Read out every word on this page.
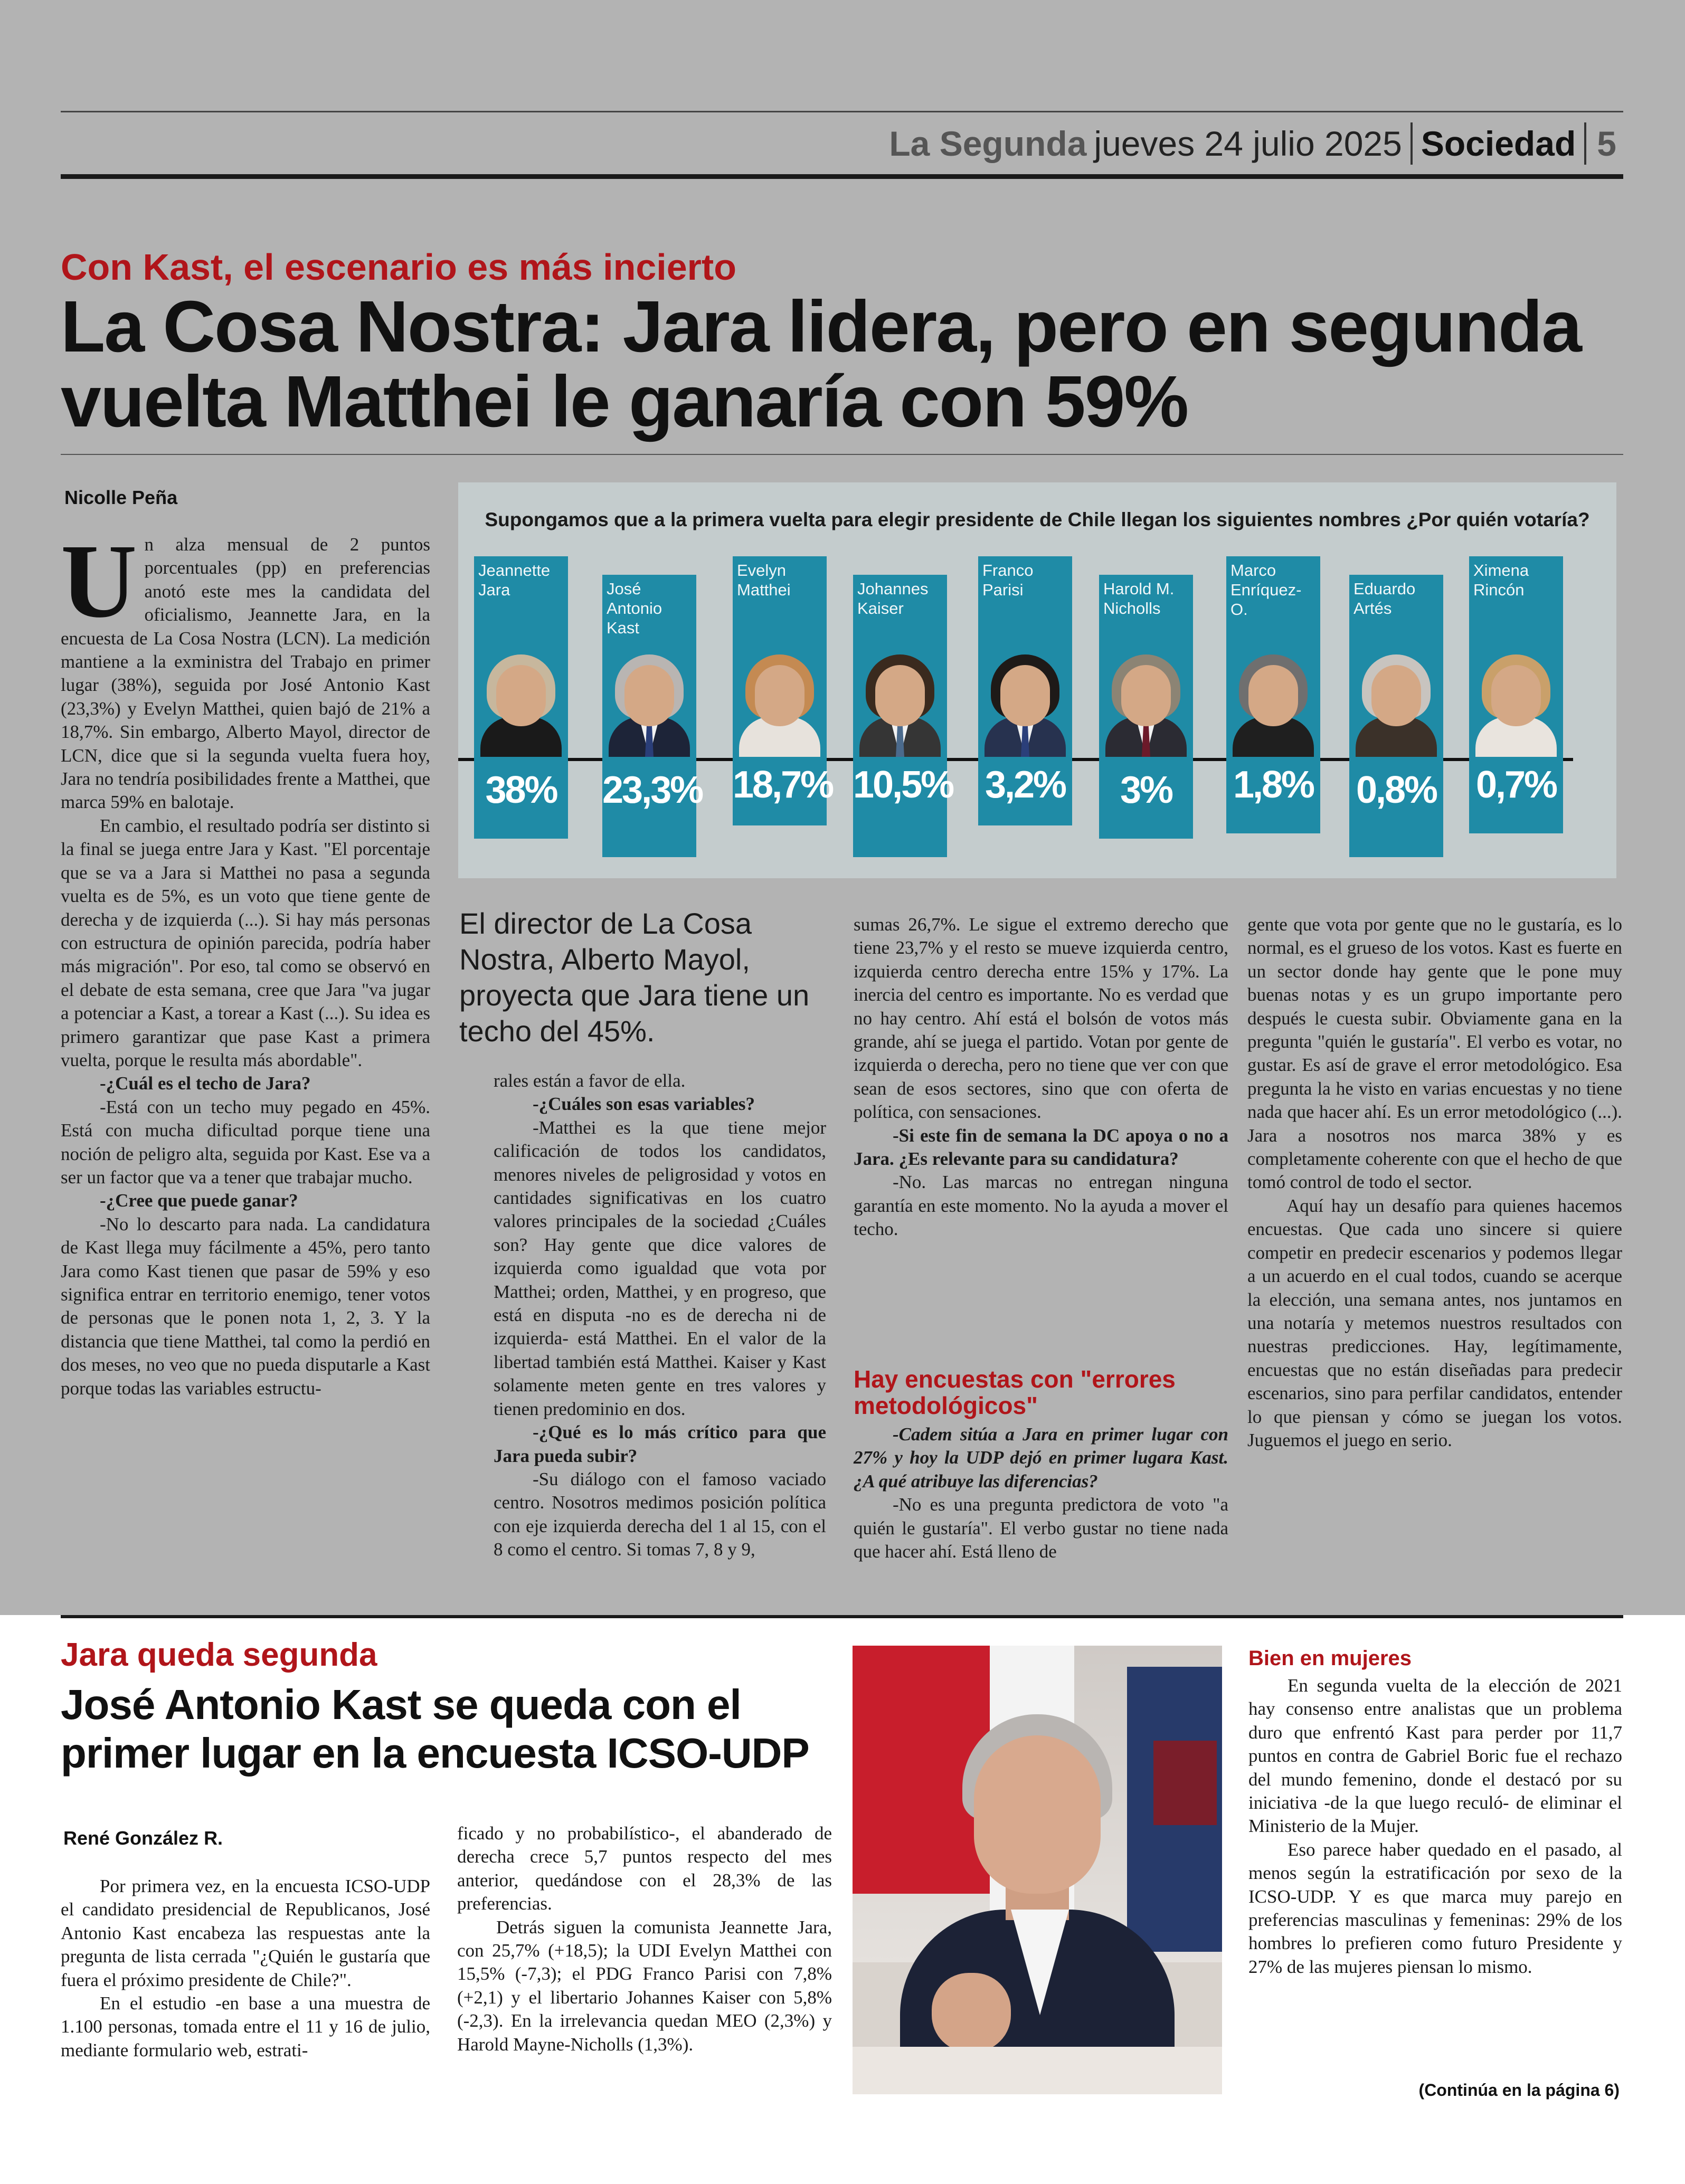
La Segunda jueves 24 julio 2025 Sociedad 5
Con Kast, el escenario es más incierto
La Cosa Nostra: Jara lidera, pero en segunda vuelta Matthei le ganaría con 59%
Nicolle Peña

Un alza mensual de 2 puntos porcentuales (pp) en preferencias anotó este mes la candidata del oficialismo, Jeannette Jara, en la encuesta de La Cosa Nostra (LCN). La medición mantiene a la exministra del Trabajo en primer lugar (38%), seguida por José Antonio Kast (23,3%) y Evelyn Matthei, quien bajó de 21% a 18,7%. Sin embargo, Alberto Mayol, director de LCN, dice que si la segunda vuelta fuera hoy, Jara no tendría posibilidades frente a Matthei, que marca 59% en balotaje.

En cambio, el resultado podría ser distinto si la final se juega entre Jara y Kast. "El porcentaje que se va a Jara si Matthei no pasa a segunda vuelta es de 5%, es un voto que tiene gente de derecha y de izquierda (...). Si hay más personas con estructura de opinión parecida, podría haber más migración". Por eso, tal como se observó en el debate de esta semana, cree que Jara "va jugar a potenciar a Kast, a torear a Kast (...). Su idea es primero garantizar que pase Kast a primera vuelta, porque le resulta más abordable".

-¿Cuál es el techo de Jara?

-Está con un techo muy pegado en 45%. Está con mucha dificultad porque tiene una noción de peligro alta, seguida por Kast. Ese va a ser un factor que va a tener que trabajar mucho.

-¿Cree que puede ganar?

-No lo descarto para nada. La candidatura de Kast llega muy fácilmente a 45%, pero tanto Jara como Kast tienen que pasar de 59% y eso significa entrar en territorio enemigo, tener votos de personas que le ponen nota 1, 2, 3. Y la distancia que tiene Matthei, tal como la perdió en dos meses, no veo que no pueda disputarle a Kast porque todas las variables estructu-

Supongamos que a la primera vuelta para elegir presidente de Chile llegan los siguientes nombres ¿Por quién votaría?
Jeannette
Jara
38%
José Antonio
Kast
23,3%
Evelyn
Matthei
18,7%
Johannes
Kaiser
10,5%
Franco
Parisi
3,2%
Harold M.
Nicholls
3%
Marco
Enríquez-O.
1,8%
Eduardo
Artés
0,8%
Ximena
Rincón
0,7%
El director de La Cosa Nostra, Alberto Mayol, proyecta que Jara tiene un techo del 45%.

rales están a favor de ella.

-¿Cuáles son esas variables?

-Matthei es la que tiene mejor calificación de todos los candidatos, menores niveles de peligrosidad y votos en cantidades significativas en los cuatro valores principales de la sociedad ¿Cuáles son? Hay gente que dice valores de izquierda como igualdad que vota por Matthei; orden, Matthei, y en progreso, que está en disputa -no es de derecha ni de izquierda- está Matthei. En el valor de la libertad también está Matthei. Kaiser y Kast solamente meten gente en tres valores y tienen predominio en dos.

-¿Qué es lo más crítico para que Jara pueda subir?

-Su diálogo con el famoso vaciado centro. Nosotros medimos posición política con eje izquierda derecha del 1 al 15, con el 8 como el centro. Si tomas 7, 8 y 9,

sumas 26,7%. Le sigue el extremo derecho que tiene 23,7% y el resto se mueve izquierda centro, izquierda centro derecha entre 15% y 17%. La inercia del centro es importante. No es verdad que no hay centro. Ahí está el bolsón de votos más grande, ahí se juega el partido. Votan por gente de izquierda o derecha, pero no tiene que ver con que sean de esos sectores, sino que con oferta de política, con sensaciones.

-Si este fin de semana la DC apoya o no a Jara. ¿Es relevante para su candidatura?

-No. Las marcas no entregan ninguna garantía en este momento. No la ayuda a mover el techo.

Hay encuestas con "errores metodológicos"

-Cadem sitúa a Jara en primer lugar con 27% y hoy la UDP dejó en primer lugara Kast. ¿A qué atribuye las diferencias?

-No es una pregunta predictora de voto "a quién le gustaría". El verbo gustar no tiene nada que hacer ahí. Está lleno de

gente que vota por gente que no le gustaría, es lo normal, es el grueso de los votos. Kast es fuerte en un sector donde hay gente que le pone muy buenas notas y es un grupo importante pero después le cuesta subir. Obviamente gana en la pregunta "quién le gustaría". El verbo es votar, no gustar. Es así de grave el error metodológico. Esa pregunta la he visto en varias encuestas y no tiene nada que hacer ahí. Es un error metodológico (...). Jara a nosotros nos marca 38% y es completamente coherente con que el hecho de que tomó control de todo el sector.

Aquí hay un desafío para quienes hacemos encuestas. Que cada uno sincere si quiere competir en predecir escenarios y podemos llegar a un acuerdo en el cual todos, cuando se acerque la elección, una semana antes, nos juntamos en una notaría y metemos nuestros resultados con nuestras predicciones. Hay, legítimamente, encuestas que no están diseñadas para predecir escenarios, sino para perfilar candidatos, entender lo que piensan y cómo se juegan los votos. Juguemos el juego en serio.

Jara queda segunda
José Antonio Kast se queda con el primer lugar en la encuesta ICSO-UDP
René González R.

Por primera vez, en la encuesta ICSO-UDP el candidato presidencial de Republicanos, José Antonio Kast encabeza las respuestas ante la pregunta de lista cerrada "¿Quién le gustaría que fuera el próximo presidente de Chile?".

En el estudio -en base a una muestra de 1.100 personas, tomada entre el 11 y 16 de julio, mediante formulario web, estrati-

ficado y no probabilístico-, el abanderado de derecha crece 5,7 puntos respecto del mes anterior, quedándose con el 28,3% de las preferencias.

Detrás siguen la comunista Jeannette Jara, con 25,7% (+18,5); la UDI Evelyn Matthei con 15,5% (-7,3); el PDG Franco Parisi con 7,8% (+2,1) y el libertario Johannes Kaiser con 5,8% (-2,3). En la irrelevancia quedan MEO (2,3%) y Harold Mayne-Nicholls (1,3%).

Bien en mujeres

En segunda vuelta de la elección de 2021 hay consenso entre analistas que un problema duro que enfrentó Kast para perder por 11,7 puntos en contra de Gabriel Boric fue el rechazo del mundo femenino, donde el destacó por su iniciativa -de la que luego reculó- de eliminar el Ministerio de la Mujer.

Eso parece haber quedado en el pasado, al menos según la estratificación por sexo de la ICSO-UDP. Y es que marca muy parejo en preferencias masculinas y femeninas: 29% de los hombres lo prefieren como futuro Presidente y 27% de las mujeres piensan lo mismo.

(Continúa en la página 6)
